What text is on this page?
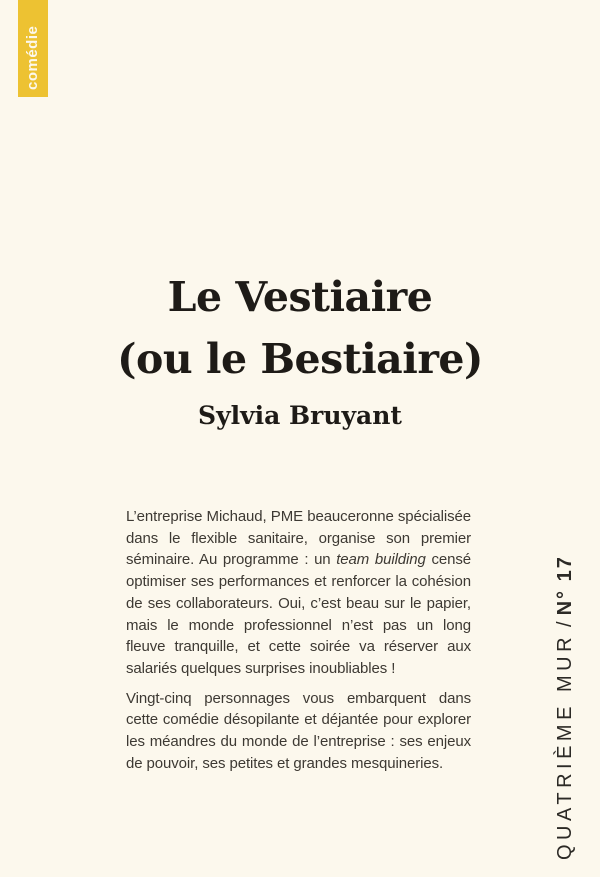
comédie
Le Vestiaire
(ou le Bestiaire)
Sylvia Bruyant

L’entreprise Michaud, PME beauceronne spécialisée dans le flexible sanitaire, organise son premier séminaire. Au programme : un team building censé optimiser ses performances et renforcer la cohésion de ses collaborateurs. Oui, c’est beau sur le papier, mais le monde professionnel n’est pas un long fleuve tranquille, et cette soirée va réserver aux salariés quelques surprises inoubliables !

Vingt-cinq personnages vous embarquent dans cette comédie désopilante et déjantée pour explorer les méandres du monde de l’entreprise : ses enjeux de pouvoir, ses petites et grandes mesquineries.	QUATRIÈME MUR/N° 17
